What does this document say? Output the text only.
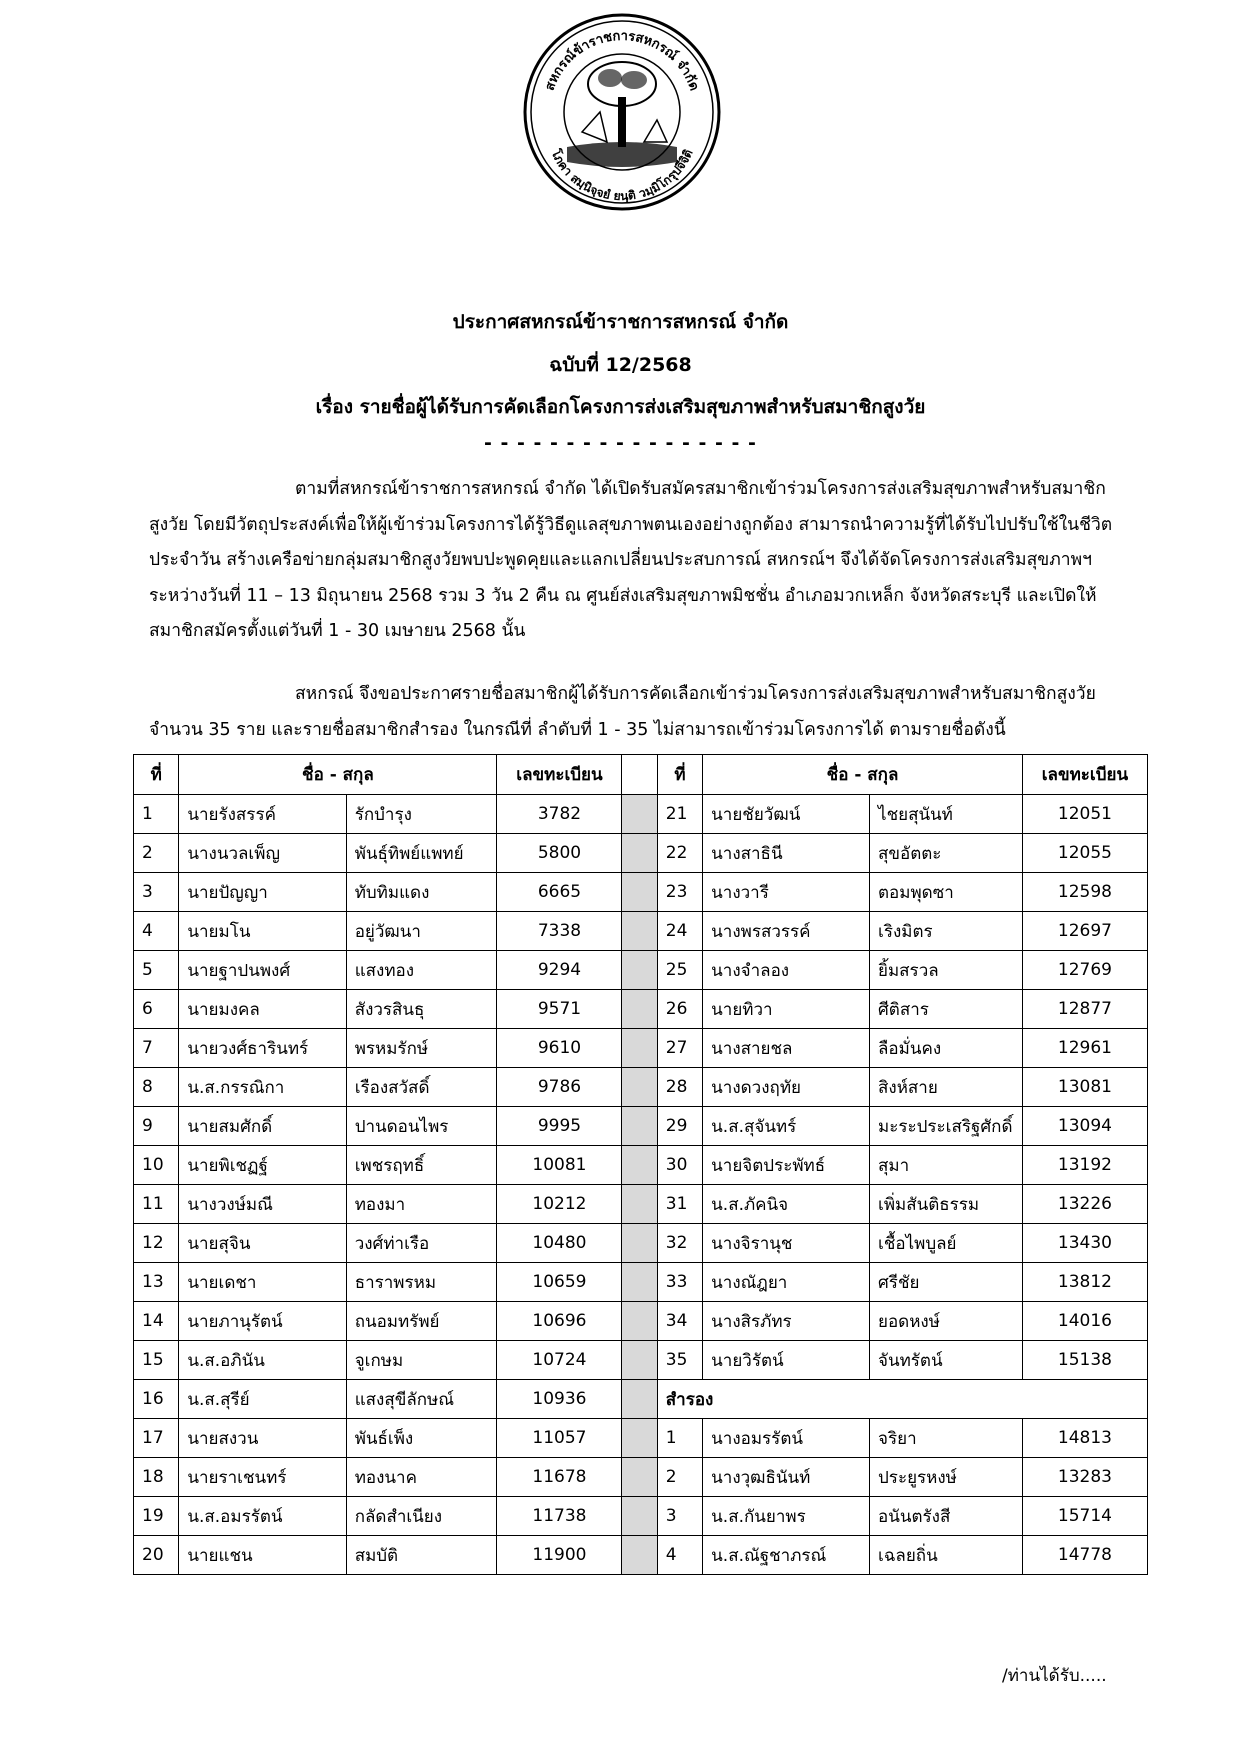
สหกรณ์ข้าราชการสหกรณ์ จำกัด
โภคา สมฺนิจฺจยํ ยนฺติ วมฺมิโกรุปจีจิติ
ประกาศสหกรณ์ข้าราชการสหกรณ์ จำกัด
ฉบับที่ 12/2568
เรื่อง รายชื่อผู้ได้รับการคัดเลือกโครงการส่งเสริมสุขภาพสำหรับสมาชิกสูงวัย
- - - - - - - - - - - - - - - - -
ตามที่สหกรณ์ข้าราชการสหกรณ์ จำกัด ได้เปิดรับสมัครสมาชิกเข้าร่วมโครงการส่งเสริมสุขภาพสำหรับสมาชิกสูงวัย โดยมีวัตถุประสงค์เพื่อให้ผู้เข้าร่วมโครงการได้รู้วิธีดูแลสุขภาพตนเองอย่างถูกต้อง สามารถนำความรู้ที่ได้รับไปปรับใช้ในชีวิตประจำวัน สร้างเครือข่ายกลุ่มสมาชิกสูงวัยพบปะพูดคุยและแลกเปลี่ยนประสบการณ์ สหกรณ์ฯ จึงได้จัดโครงการส่งเสริมสุขภาพฯ ระหว่างวันที่ 11 – 13 มิถุนายน 2568 รวม 3 วัน 2 คืน ณ ศูนย์ส่งเสริมสุขภาพมิชชั่น อำเภอมวกเหล็ก จังหวัดสระบุรี และเปิดให้สมาชิกสมัครตั้งแต่วันที่ 1 - 30 เมษายน 2568 นั้น
สหกรณ์ จึงขอประกาศรายชื่อสมาชิกผู้ได้รับการคัดเลือกเข้าร่วมโครงการส่งเสริมสุขภาพสำหรับสมาชิกสูงวัย จำนวน 35 ราย และรายชื่อสมาชิกสำรอง ในกรณีที่ ลำดับที่ 1 - 35 ไม่สามารถเข้าร่วมโครงการได้ ตามรายชื่อดังนี้
ที่	ชื่อ - สกุล		เลขทะเบียน		ที่	ชื่อ - สกุล		เลขทะเบียน
1	นายรังสรรค์	รักบำรุง	3782		21	นายชัยวัฒน์	ไชยสุนันท์	12051
2	นางนวลเพ็ญ	พันธุ์ทิพย์แพทย์	5800		22	นางสาธินี	สุขอัตตะ	12055
3	นายปัญญา	ทับทิมแดง	6665		23	นางวารี	ตอมพุดซา	12598
4	นายมโน	อยู่วัฒนา	7338		24	นางพรสวรรค์	เริงมิตร	12697
5	นายฐาปนพงศ์	แสงทอง	9294		25	นางจำลอง	ยิ้มสรวล	12769
6	นายมงคล	สังวรสินธุ	9571		26	นายทิวา	ศีติสาร	12877
7	นายวงศ์ธารินทร์	พรหมรักษ์	9610		27	นางสายชล	ลือมั่นคง	12961
8	น.ส.กรรณิกา	เรืองสวัสดิ์	9786		28	นางดวงฤทัย	สิงห์สาย	13081
9	นายสมศักดิ์	ปานดอนไพร	9995		29	น.ส.สุจันทร์	มะระประเสริฐศักดิ์	13094
10	นายพิเชฏฐ์	เพชรฤทธิ์	10081		30	นายจิตประพัทธ์	สุมา	13192
11	นางวงษ์มณี	ทองมา	10212		31	น.ส.ภัคนิจ	เพิ่มสันติธรรม	13226
12	นายสุจิน	วงศ์ท่าเรือ	10480		32	นางจิรานุช	เชื้อไพบูลย์	13430
13	นายเดชา	ธาราพรหม	10659		33	นางณัฎยา	ศรีชัย	13812
14	นายภานุรัตน์	ถนอมทรัพย์	10696		34	นางสิรภัทร	ยอดหงษ์	14016
15	น.ส.อภินัน	จูเกษม	10724		35	นายวิรัตน์	จันทรัตน์	15138
16	น.ส.สุรีย์	แสงสุขีลักษณ์	10936		สำรอง			
17	นายสงวน	พันธ์เพ็ง	11057		1	นางอมรรัตน์	จริยา	14813
18	นายราเชนทร์	ทองนาค	11678		2	นางวุฒธินันท์	ประยูรหงษ์	13283
19	น.ส.อมรรัตน์	กลัดสำเนียง	11738		3	น.ส.กันยาพร	อนันตรังสี	15714
20	นายแชน	สมบัติ	11900		4	น.ส.ณัฐชาภรณ์	เฉลยถิ่น	14778
/ท่านได้รับ.....
